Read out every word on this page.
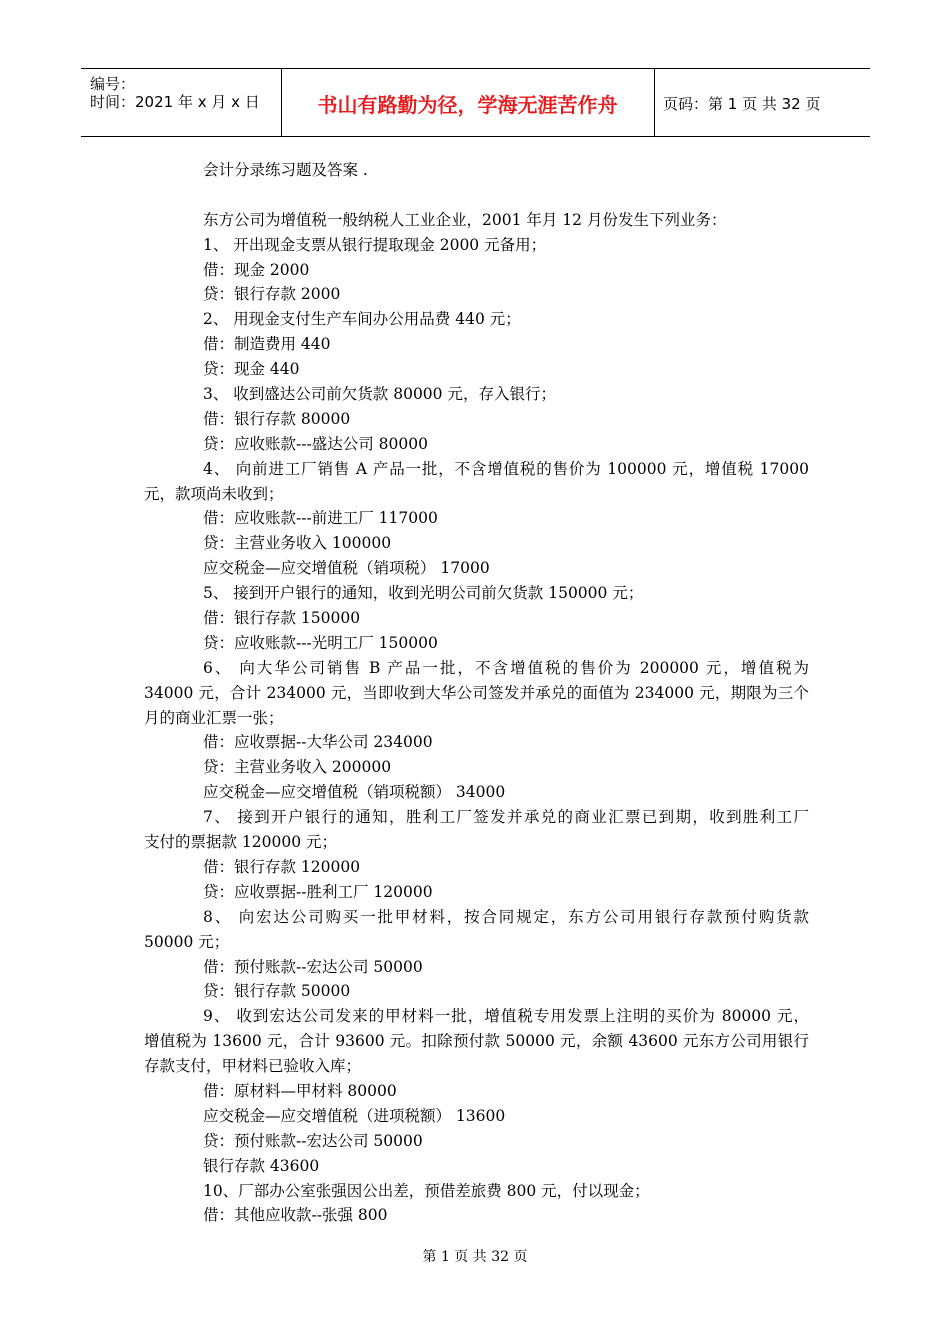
编号：
时间：2021 年 x 月 x 日	书山有路勤为径，学海无涯苦作舟	页码：第 1 页 共 32 页
会计分录练习题及答案 .
东方公司为增值税一般纳税人工业企业，2001 年月 12 月份发生下列业务：
1、 开出现金支票从银行提取现金 2000 元备用；
借：现金 2000
贷：银行存款 2000
2、 用现金支付生产车间办公用品费 440 元；
借：制造费用 440
贷：现金 440
3、 收到盛达公司前欠货款 80000 元，存入银行；
借：银行存款 80000
贷：应收账款---盛达公司 80000
4、 向前进工厂销售 A 产品一批，不含增值税的售价为 100000 元，增值税 17000
元，款项尚未收到；
借：应收账款---前进工厂 117000
贷：主营业务收入 100000
应交税金—应交增值税（销项税） 17000
5、 接到开户银行的通知，收到光明公司前欠货款 150000 元；
借：银行存款 150000
贷：应收账款---光明工厂 150000
6、 向大华公司销售 B 产品一批，不含增值税的售价为 200000 元，增值税为
34000 元，合计 234000 元，当即收到大华公司签发并承兑的面值为 234000 元，期限为三个
月的商业汇票一张；
借：应收票据--大华公司 234000
贷：主营业务收入 200000
应交税金—应交增值税（销项税额） 34000
7、 接到开户银行的通知，胜利工厂签发并承兑的商业汇票已到期，收到胜利工厂
支付的票据款 120000 元；
借：银行存款 120000
贷：应收票据--胜利工厂 120000
8、 向宏达公司购买一批甲材料，按合同规定，东方公司用银行存款预付购货款
50000 元；
借：预付账款--宏达公司 50000
贷：银行存款 50000
9、 收到宏达公司发来的甲材料一批，增值税专用发票上注明的买价为 80000 元，
增值税为 13600 元，合计 93600 元。扣除预付款 50000 元，余额 43600 元东方公司用银行
存款支付，甲材料已验收入库；
借：原材料—甲材料 80000
应交税金—应交增值税（进项税额） 13600
贷：预付账款--宏达公司 50000
银行存款 43600
10、厂部办公室张强因公出差，预借差旅费 800 元，付以现金；
借：其他应收款--张强 800
第 1 页 共 32 页
